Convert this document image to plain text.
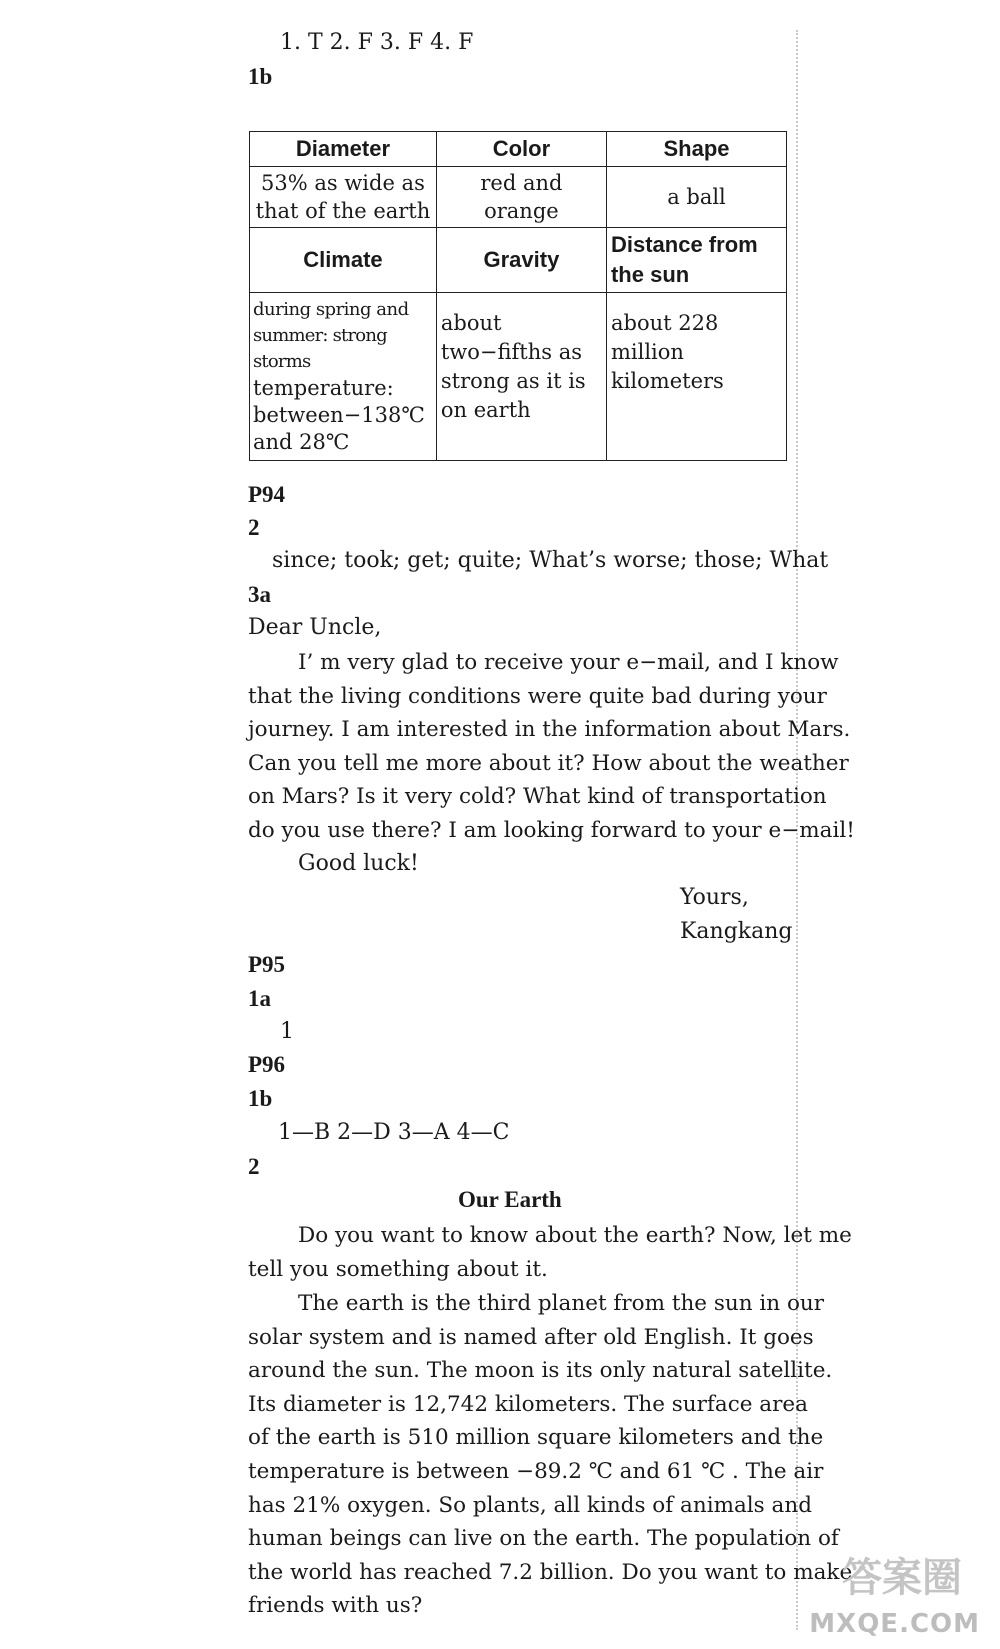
1. T 2. F 3. F 4. F
1b
Diameter	Color	Shape
53% as wide as that of the earth	red and orange	a ball
Climate	Gravity	Distance from the sun

during spring and
summer: strong storms
temperature:
between−138℃
and 28℃	about two−fifths as strong as it is on earth	about 228 million kilometers
P94
2
since; took; get; quite; What’s worse; those; What
3a
Dear Uncle,
I’ m very glad to receive your e−mail, and I know
that the living conditions were quite bad during your
journey. I am interested in the information about Mars.
Can you tell me more about it? How about the weather
on Mars? Is it very cold? What kind of transportation
do you use there? I am looking forward to your e−mail!
Good luck!
Yours,
Kangkang
P95
1a
1
P96
1b
1—B 2—D 3—A 4—C
2
Our Earth
Do you want to know about the earth? Now, let me
tell you something about it.
The earth is the third planet from the sun in our
solar system and is named after old English. It goes
around the sun. The moon is its only natural satellite.
Its diameter is 12,742 kilometers. The surface area
of the earth is 510 million square kilometers and the
temperature is between −89.2 ℃ and 61 ℃ . The air
has 21% oxygen. So plants, all kinds of animals and
human beings can live on the earth. The population of
the world has reached 7.2 billion. Do you want to make
friends with us?
答案圈
MXQE.COM
